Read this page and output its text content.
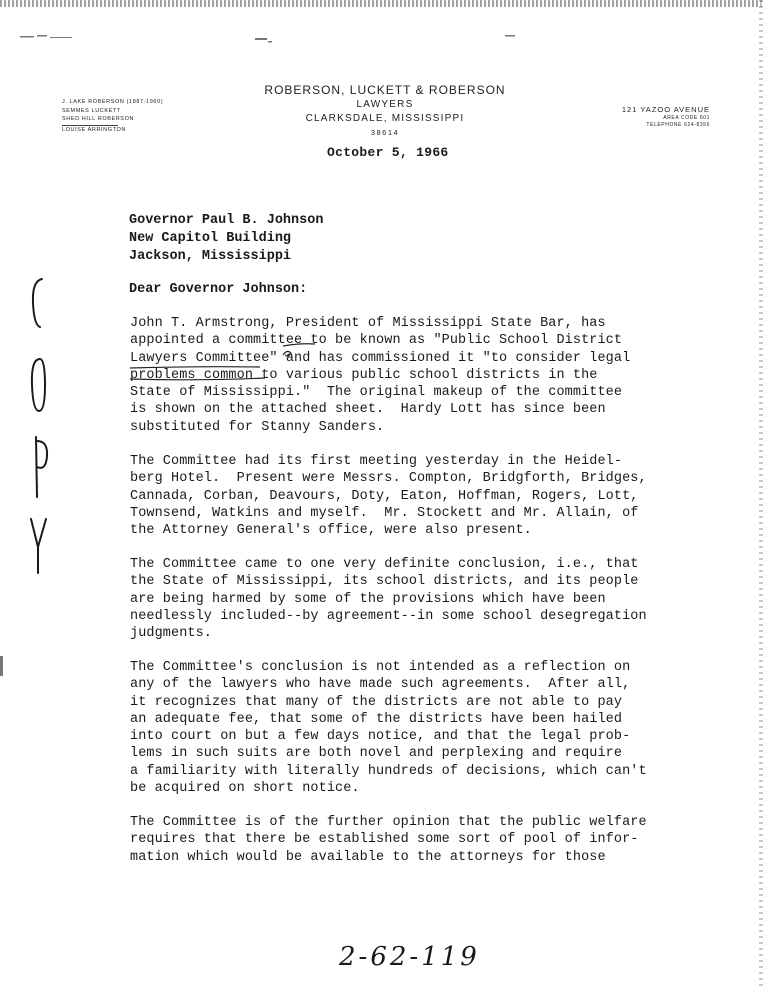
J. LAKE ROBERSON (1887-1960)
SEMMES LUCKETT
SHED HILL ROBERSON
LOUISE ARRINGTON
ROBERSON, LUCKETT & ROBERSON
LAWYERS
CLARKSDALE, MISSISSIPPI
38614
121 YAZOO AVENUE
AREA CODE 601
TELEPHONE 624-8356
October 5, 1966
Governor Paul B. Johnson
New Capitol Building
Jackson, Mississippi
Dear Governor Johnson:
John T. Armstrong, President of Mississippi State Bar, has
appointed a committee to be known as "Public School District
Lawyers Committee" and has commissioned it "to consider legal
problems common to various public school districts in the
State of Mississippi."  The original makeup of the committee
is shown on the attached sheet.  Hardy Lott has since been
substituted for Stanny Sanders.
The Committee had its first meeting yesterday in the Heidel-
berg Hotel.  Present were Messrs. Compton, Bridgforth, Bridges,
Cannada, Corban, Deavours, Doty, Eaton, Hoffman, Rogers, Lott,
Townsend, Watkins and myself.  Mr. Stockett and Mr. Allain, of
the Attorney General's office, were also present.
The Committee came to one very definite conclusion, i.e., that
the State of Mississippi, its school districts, and its people
are being harmed by some of the provisions which have been
needlessly included--by agreement--in some school desegregation
judgments.
The Committee's conclusion is not intended as a reflection on
any of the lawyers who have made such agreements.  After all,
it recognizes that many of the districts are not able to pay
an adequate fee, that some of the districts have been hailed
into court on but a few days notice, and that the legal prob-
lems in such suits are both novel and perplexing and require
a familiarity with literally hundreds of decisions, which can't
be acquired on short notice.
The Committee is of the further opinion that the public welfare
requires that there be established some sort of pool of infor-
mation which would be available to the attorneys for those
COPY
2-62-119
